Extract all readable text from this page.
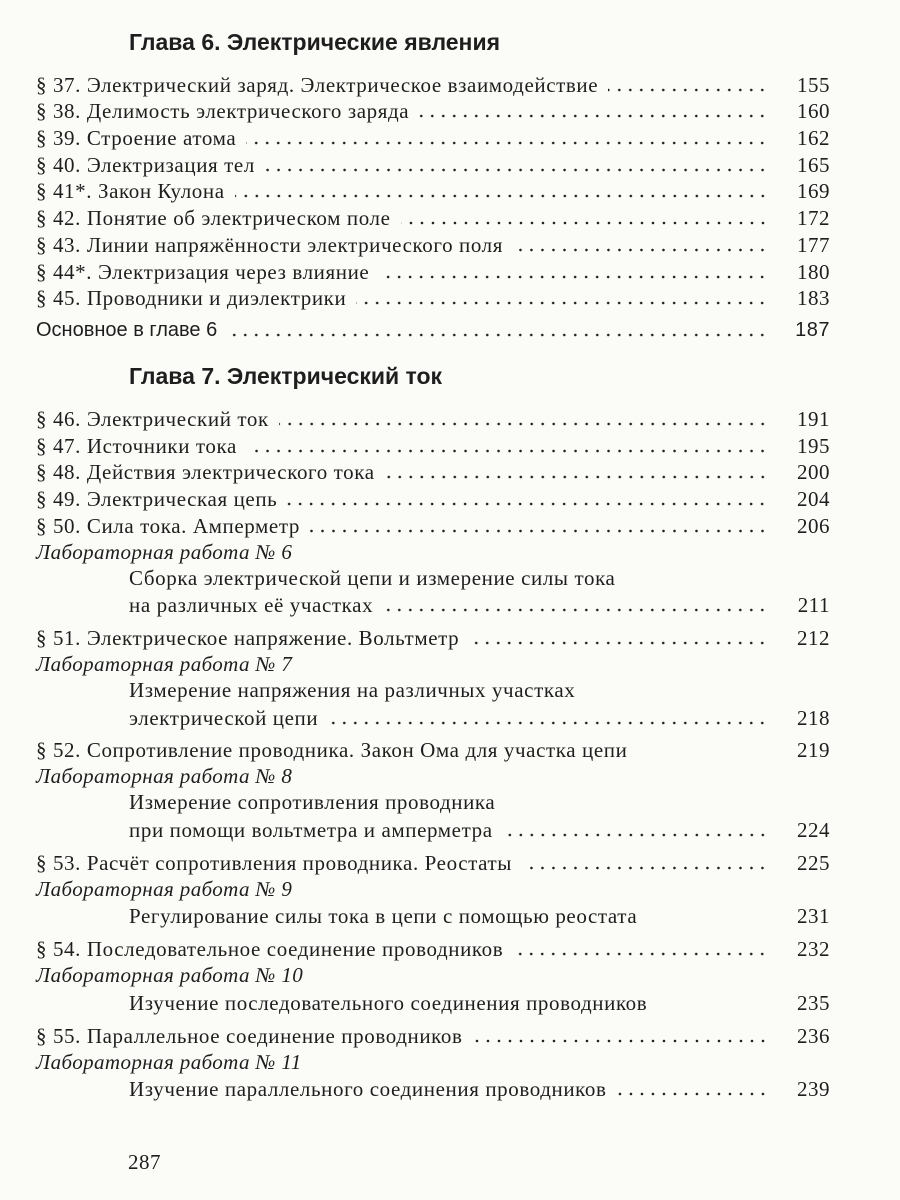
Глава 6. Электрические явления
§ 37. Электрический заряд. Электрическое взаимодействие	155
§ 38. Делимость электрического заряда	160
§ 39. Строение атома	162
§ 40. Электризация тел	165
§ 41*. Закон Кулона	169
§ 42. Понятие об электрическом поле	172
§ 43. Линии напряжённости электрического поля	177
§ 44*. Электризация через влияние	180
§ 45. Проводники и диэлектрики	183
Основное в главе 6	187
Глава 7. Электрический ток
§ 46. Электрический ток	191
§ 47. Источники тока	195
§ 48. Действия электрического тока	200
§ 49. Электрическая цепь	204
§ 50. Сила тока. Амперметр	206
Лабораторная работа № 6
Сборка электрической цепи и измерение силы тока
на различных её участках	211
§ 51. Электрическое напряжение. Вольтметр	212
Лабораторная работа № 7
Измерение напряжения на различных участках
электрической цепи	218
§ 52. Сопротивление проводника. Закон Ома для участка цепи	219
Лабораторная работа № 8
Измерение сопротивления проводника
при помощи вольтметра и амперметра	224
§ 53. Расчёт сопротивления проводника. Реостаты	225
Лабораторная работа № 9
Регулирование силы тока в цепи с помощью реостата	231
§ 54. Последовательное соединение проводников	232
Лабораторная работа № 10
Изучение последовательного соединения проводников	235
§ 55. Параллельное соединение проводников	236
Лабораторная работа № 11
Изучение параллельного соединения проводников	239
287
